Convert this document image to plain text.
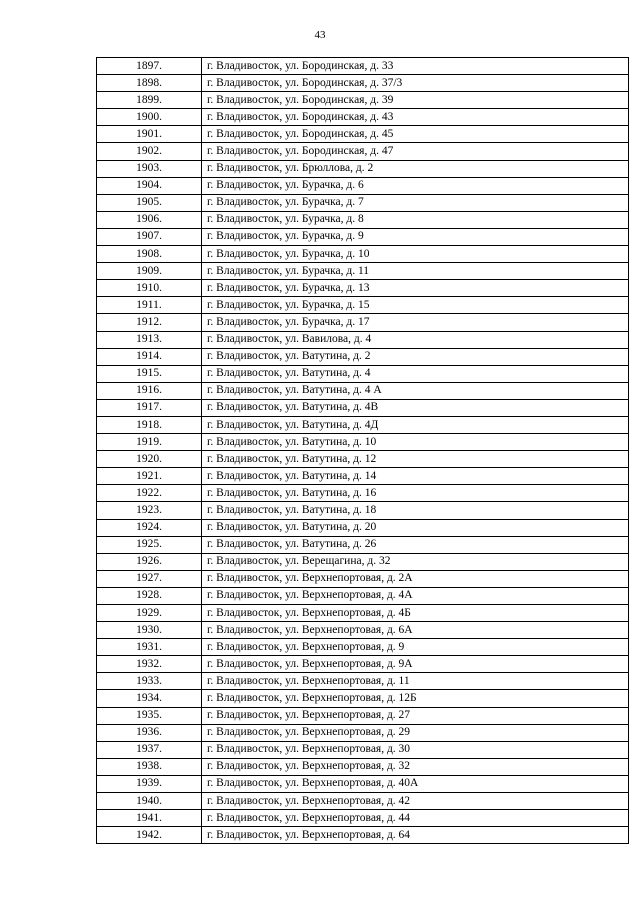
43
1897.	г. Владивосток, ул. Бородинская, д. 33
1898.	г. Владивосток, ул. Бородинская, д. 37/3
1899.	г. Владивосток, ул. Бородинская, д. 39
1900.	г. Владивосток, ул. Бородинская, д. 43
1901.	г. Владивосток, ул. Бородинская, д. 45
1902.	г. Владивосток, ул. Бородинская, д. 47
1903.	г. Владивосток, ул. Брюллова, д. 2
1904.	г. Владивосток, ул. Бурачка, д. 6
1905.	г. Владивосток, ул. Бурачка, д. 7
1906.	г. Владивосток, ул. Бурачка, д. 8
1907.	г. Владивосток, ул. Бурачка, д. 9
1908.	г. Владивосток, ул. Бурачка, д. 10
1909.	г. Владивосток, ул. Бурачка, д. 11
1910.	г. Владивосток, ул. Бурачка, д. 13
1911.	г. Владивосток, ул. Бурачка, д. 15
1912.	г. Владивосток, ул. Бурачка, д. 17
1913.	г. Владивосток, ул. Вавилова, д. 4
1914.	г. Владивосток, ул. Ватутина, д. 2
1915.	г. Владивосток, ул. Ватутина, д. 4
1916.	г. Владивосток, ул. Ватутина, д. 4 А
1917.	г. Владивосток, ул. Ватутина, д. 4В
1918.	г. Владивосток, ул. Ватутина, д. 4Д
1919.	г. Владивосток, ул. Ватутина, д. 10
1920.	г. Владивосток, ул. Ватутина, д. 12
1921.	г. Владивосток, ул. Ватутина, д. 14
1922.	г. Владивосток, ул. Ватутина, д. 16
1923.	г. Владивосток, ул. Ватутина, д. 18
1924.	г. Владивосток, ул. Ватутина, д. 20
1925.	г. Владивосток, ул. Ватутина, д. 26
1926.	г. Владивосток, ул. Верещагина, д. 32
1927.	г. Владивосток, ул. Верхнепортовая, д. 2А
1928.	г. Владивосток, ул. Верхнепортовая, д. 4А
1929.	г. Владивосток, ул. Верхнепортовая, д. 4Б
1930.	г. Владивосток, ул. Верхнепортовая, д. 6А
1931.	г. Владивосток, ул. Верхнепортовая, д. 9
1932.	г. Владивосток, ул. Верхнепортовая, д. 9А
1933.	г. Владивосток, ул. Верхнепортовая, д. 11
1934.	г. Владивосток, ул. Верхнепортовая, д. 12Б
1935.	г. Владивосток, ул. Верхнепортовая, д. 27
1936.	г. Владивосток, ул. Верхнепортовая, д. 29
1937.	г. Владивосток, ул. Верхнепортовая, д. 30
1938.	г. Владивосток, ул. Верхнепортовая, д. 32
1939.	г. Владивосток, ул. Верхнепортовая, д. 40А
1940.	г. Владивосток, ул. Верхнепортовая, д. 42
1941.	г. Владивосток, ул. Верхнепортовая, д. 44
1942.	г. Владивосток, ул. Верхнепортовая, д. 64
